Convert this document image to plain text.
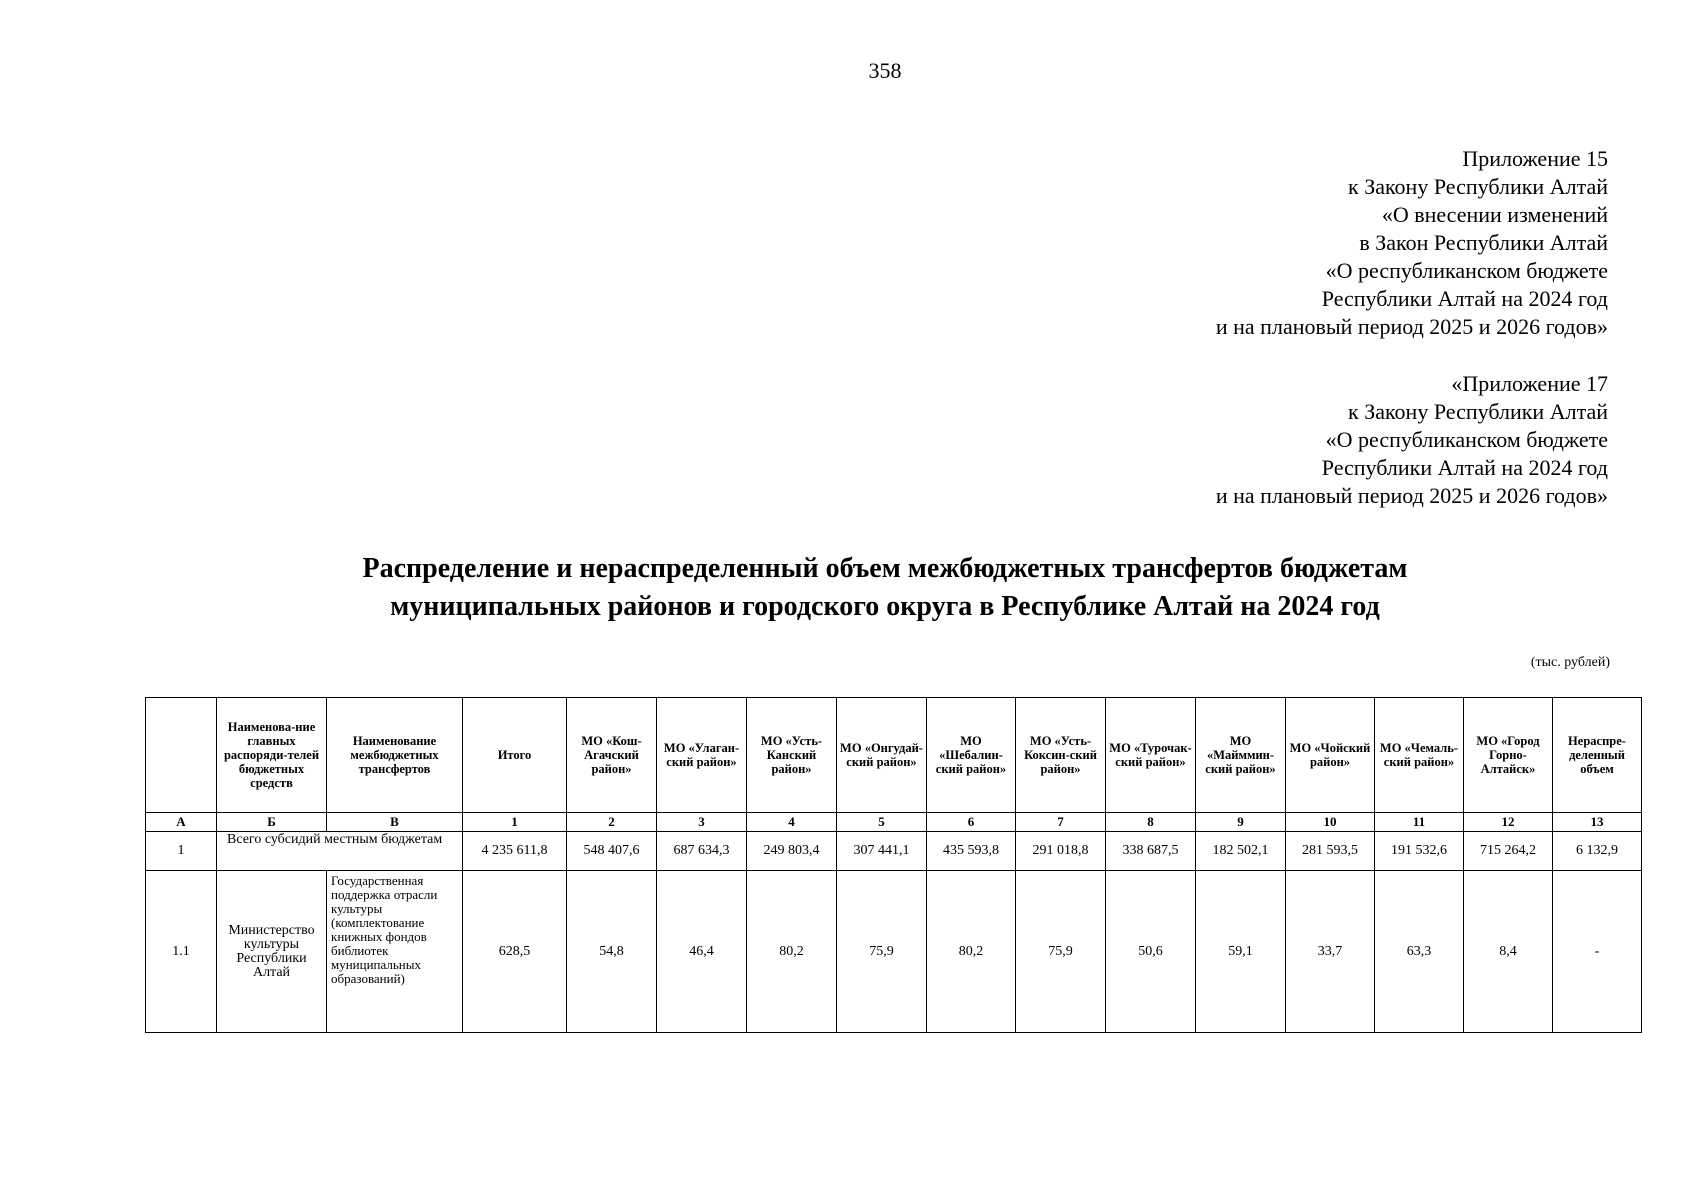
358
Приложение 15
к Закону Республики Алтай
«О внесении изменений
в Закон Республики Алтай
«О республиканском бюджете
Республики Алтай на 2024 год
и на плановый период 2025 и 2026 годов»
«Приложение 17
к Закону Республики Алтай
«О республиканском бюджете
Республики Алтай на 2024 год
и на плановый период 2025 и 2026 годов»
Распределение и нераспределенный объем межбюджетных трансфертов бюджетам
муниципальных районов и городского округа в Республике Алтай на 2024 год
(тыс. рублей)
	Наименова-ние главных распоряди-телей бюджетных средств	Наименование межбюджетных трансфертов	Итого	МО «Кош-Агачский район»	МО «Улаган-ский район»	МО «Усть-Канский район»	МО «Онгудай-ский район»	МО «Шебалин-ский район»	МО «Усть-Коксин-ский район»	МО «Турочак-ский район»	МО «Майммин-ский район»	МО «Чойский район»	МО «Чемаль-ский район»	МО «Город Горно-Алтайск»	Нераспре-деленный объем
А	Б	В	1	2	3	4	5	6	7	8	9	10	11	12	13
1	Всего субсидий местным бюджетам		4 235 611,8	548 407,6	687 634,3	249 803,4	307 441,1	435 593,8	291 018,8	338 687,5	182 502,1	281 593,5	191 532,6	715 264,2	6 132,9
1.1	Министерство культуры Республики Алтай	Государственная поддержка отрасли культуры (комплектование книжных фондов библиотек муниципальных образований)	628,5	54,8	46,4	80,2	75,9	80,2	75,9	50,6	59,1	33,7	63,3	8,4	-
